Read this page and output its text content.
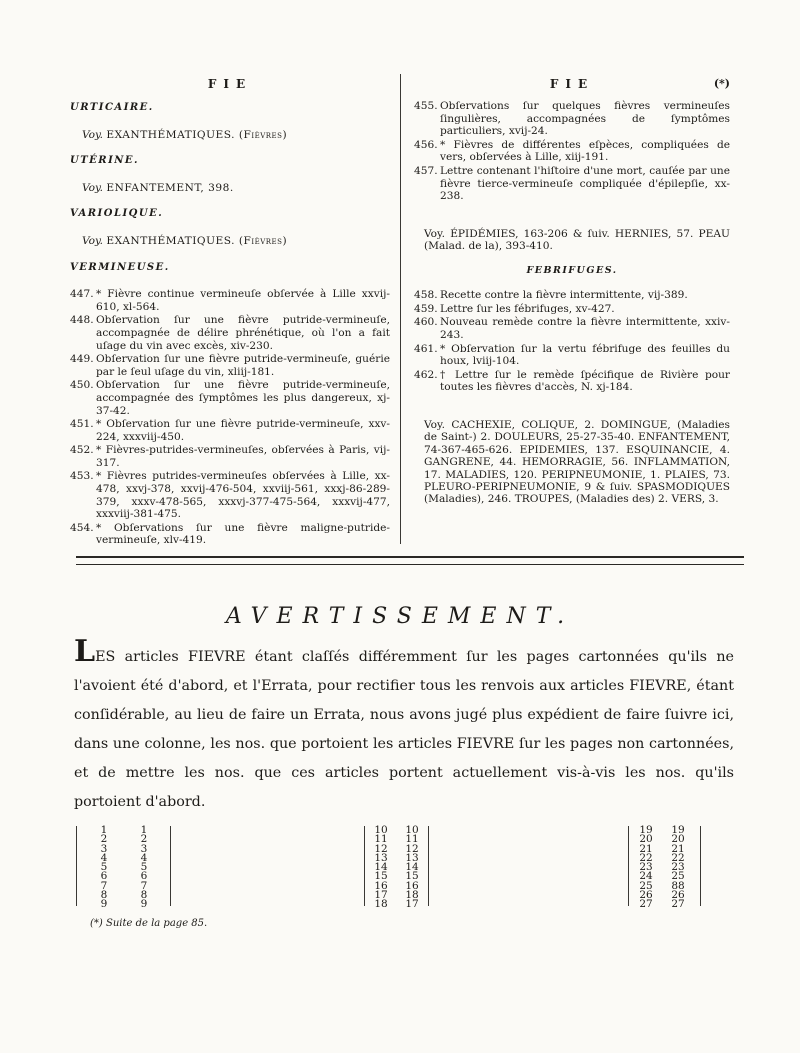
FIE
URTICAIRE.
Voy. EXANTHÉMATIQUES. (Fièvres)
UTÉRINE.
Voy. ENFANTEMENT, 398.
VARIOLIQUE.
Voy. EXANTHÉMATIQUES. (Fièvres)
VERMINEUSE.
447. * Fièvre continue vermineuſe obſervée à Lille xxvij-610, xl-564.
448. Obſervation ſur une fièvre putride-vermineuſe, accompagnée de délire phrénétique, où l'on a fait uſage du vin avec excès, xiv-230.
449. Obſervation ſur une fièvre putride-vermineuſe, guérie par le ſeul uſage du vin, xliij-181.
450. Obſervation ſur une fièvre putride-vermineuſe, accompagnée des ſymptômes les plus dangereux, xj-37-42.
451. * Obſervation ſur une fièvre putride-vermineuſe, xxv-224, xxxviij-450.
452. * Fièvres-putrides-vermineuſes, obſervées à Paris, vij-317.
453. * Fièvres putrides-vermineuſes obſervées à Lille, xx-478, xxvj-378, xxvij-476-504, xxviij-561, xxxj-86-289-379, xxxv-478-565, xxxvj-377-475-564, xxxvij-477, xxxviij-381-475.
454. * Obſervations ſur une fièvre maligne-putride-vermineuſe, xlv-419.
FIE	(*)
455. Obſervations ſur quelques fièvres vermineuſes ſingulières, accompagnées de ſymptômes particuliers, xvij-24.
456. * Fièvres de différentes eſpèces, compliquées de vers, obſervées à Lille, xiij-191.
457. Lettre contenant l'hiſtoire d'une mort, cauſée par une fièvre tierce-vermineuſe compliquée d'épilepſie, xx-238.
Voy. ÉPIDÉMIES, 163-206 & ſuiv. HERNIES, 57. PEAU (Malad. de la), 393-410.
FEBRIFUGES.
458. Recette contre la fièvre intermittente, vij-389.
459. Lettre ſur les fébrifuges, xv-427.
460. Nouveau remède contre la fièvre intermittente, xxiv-243.
461. * Obſervation ſur la vertu fébrifuge des feuilles du houx, lviij-104.
462. † Lettre ſur le remède ſpécifique de Rivière pour toutes les fièvres d'accès, N. xj-184.
Voy. CACHEXIE, COLIQUE, 2. DOMINGUE, (Maladies de Saint-) 2. DOULEURS, 25-27-35-40. ENFANTEMENT, 74-367-465-626. EPIDEMIES, 137. ESQUINANCIE, 4. GANGRENE, 44. HEMORRAGIE, 56. INFLAMMATION, 17. MALADIES, 120. PERIPNEUMONIE, 1. PLAIES, 73. PLEURO-PERIPNEUMONIE, 9 & ſuiv. SPASMODIQUES (Maladies), 246. TROUPES, (Maladies des) 2. VERS, 3.
AVERTISSEMENT.
LES articles FIEVRE étant claſſés différemment ſur les pages cartonnées qu'ils ne l'avoient été d'abord, et l'Errata, pour rectifier tous les renvois aux articles FIEVRE, étant conſidérable, au lieu de faire un Errata, nous avons jugé plus expédient de faire ſuivre ici, dans une colonne, les nos. que portoient les articles FIEVRE ſur les pages non cartonnées, et de mettre les nos. que ces articles portent actuellement vis-à-vis les nos. qu'ils portoient d'abord.
1
2
3
4
5
6
7
8
9
1
2
3
4
5
6
7
8
9
10
11
12
13
14
15
16
17
18
10
11
12
13
14
15
16
18
17
19
20
21
22
23
24
25
26
27
19
20
21
22
23
25
88
26
27
(*) Suite de la page 85.
